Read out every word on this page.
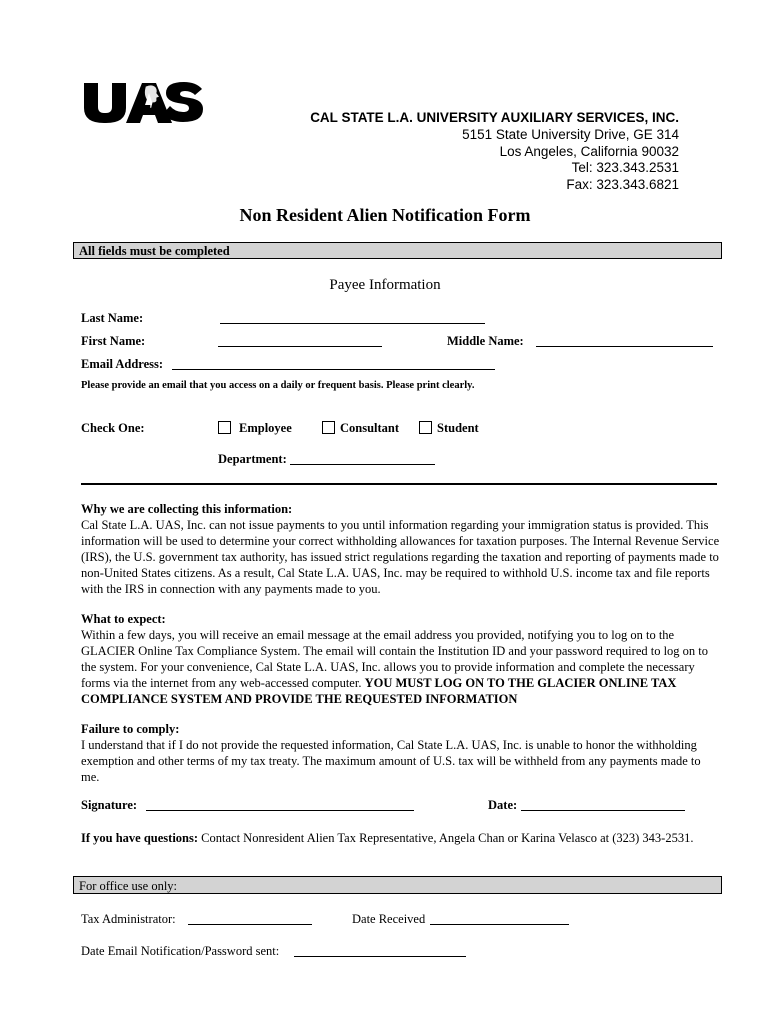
CAL STATE L.A. UNIVERSITY AUXILIARY SERVICES, INC.
5151 State University Drive, GE 314
Los Angeles, California 90032
Tel: 323.343.2531
Fax: 323.343.6821
Non Resident Alien Notification Form
All fields must be completed
Payee Information
Last Name:
First Name:	Middle Name:
Email Address:
Please provide an email that you access on a daily or frequent basis. Please print clearly.
Check One:	Employee	Consultant	Student
Department:
Why we are collecting this information:
Cal State L.A. UAS, Inc. can not issue payments to you until information regarding your immigration status is provided. This information will be used to determine your correct withholding allowances for taxation purposes. The Internal Revenue Service (IRS), the U.S. government tax authority, has issued strict regulations regarding the taxation and reporting of payments made to non-United States citizens. As a result, Cal State L.A. UAS, Inc. may be required to withhold U.S. income tax and file reports with the IRS in connection with any payments made to you.
What to expect:
Within a few days, you will receive an email message at the email address you provided, notifying you to log on to the GLACIER Online Tax Compliance System. The email will contain the Institution ID and your password required to log on to the system. For your convenience, Cal State L.A. UAS, Inc. allows you to provide information and complete the necessary forms via the internet from any web-accessed computer. YOU MUST LOG ON TO THE GLACIER ONLINE TAX COMPLIANCE SYSTEM AND PROVIDE THE REQUESTED INFORMATION
Failure to comply:
I understand that if I do not provide the requested information, Cal State L.A. UAS, Inc. is unable to honor the withholding exemption and other terms of my tax treaty. The maximum amount of U.S. tax will be withheld from any payments made to me.
Signature:	Date:
If you have questions: Contact Nonresident Alien Tax Representative, Angela Chan or Karina Velasco at (323) 343-2531.
For office use only:
Tax Administrator:	Date Received
Date Email Notification/Password sent:
